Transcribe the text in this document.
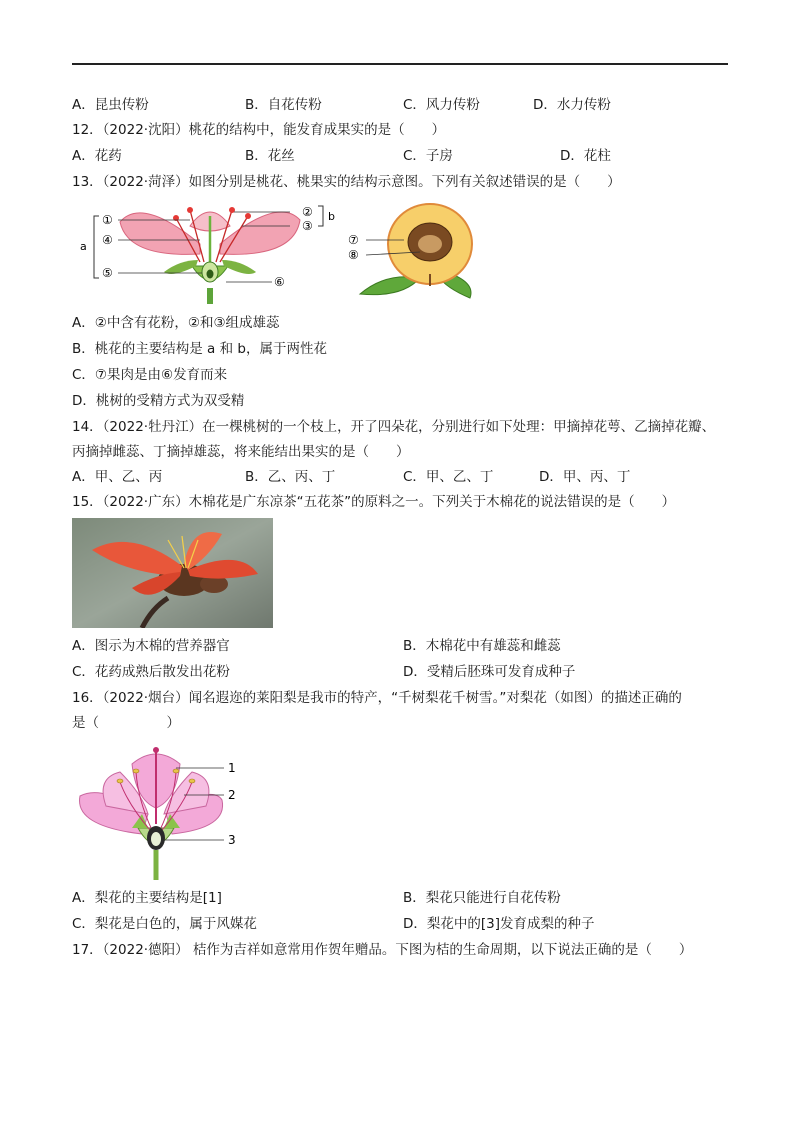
A．昆虫传粉	B．自花传粉	C．风力传粉	D．水力传粉
12．（2022·沈阳）桃花的结构中，能发育成果实的是（　　）
A．花药	B．花丝	C．子房	D．花柱
13．（2022·菏泽）如图分别是桃花、桃果实的结构示意图。下列有关叙述错误的是（　　）
a
b
①
④
⑤
②
③
⑥
⑦
⑧
A．②中含有花粉，②和③组成雄蕊
B．桃花的主要结构是 a 和 b，属于两性花
C．⑦果肉是由⑥发育而来
D．桃树的受精方式为双受精
14．（2022·牡丹江）在一棵桃树的一个枝上，开了四朵花，分别进行如下处理：甲摘掉花萼、乙摘掉花瓣、
丙摘掉雌蕊、丁摘掉雄蕊，将来能结出果实的是（　　）
A．甲、乙、丙	B．乙、丙、丁	C．甲、乙、丁	D．甲、丙、丁
15．（2022·广东）木棉花是广东凉茶“五花茶”的原料之一。下列关于木棉花的说法错误的是（　　）
A．图示为木棉的营养器官	B．木棉花中有雄蕊和雌蕊
C．花药成熟后散发出花粉	D．受精后胚珠可发育成种子
16．（2022·烟台）闻名遐迩的莱阳梨是我市的特产，“千树梨花千树雪。”对梨花（如图）的描述正确的
是（　　　　　）
1
2
3
A．梨花的主要结构是[1]	B．梨花只能进行自花传粉
C．梨花是白色的，属于风媒花	D．梨花中的[3]发育成梨的种子
17．（2022·德阳） 桔作为吉祥如意常用作贺年赠品。下图为桔的生命周期，以下说法正确的是（　　）
